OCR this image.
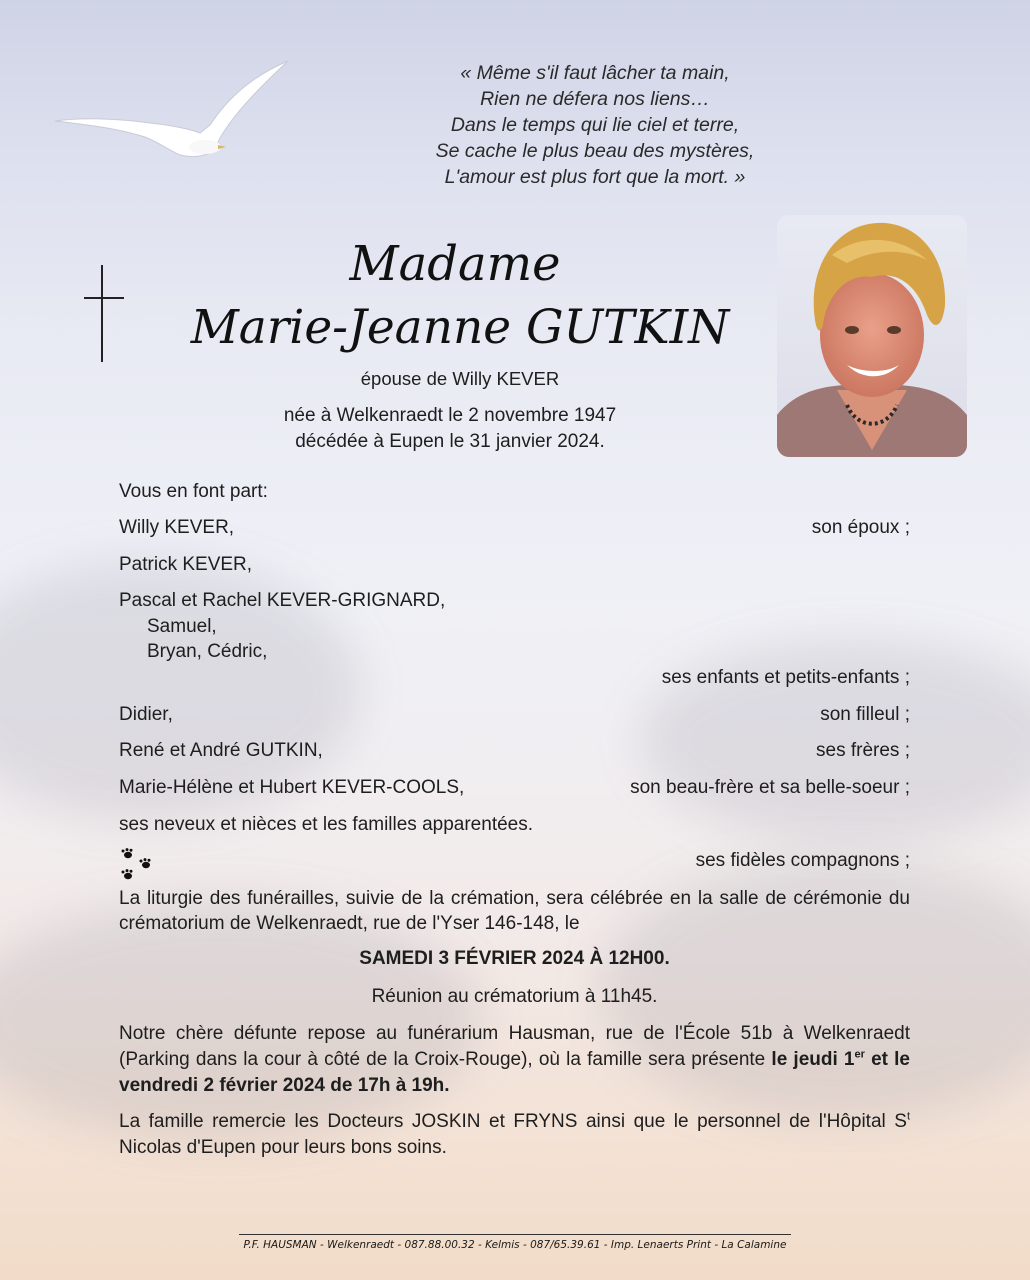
« Même s'il faut lâcher ta main,
Rien ne défera nos liens…
Dans le temps qui lie ciel et terre,
Se cache le plus beau des mystères,
L'amour est plus fort que la mort. »
Madame
Marie-Jeanne GUTKIN
épouse de Willy KEVER
née à Welkenraedt le 2 novembre 1947
décédée à Eupen le 31 janvier 2024.
Vous en font part:
Willy KEVER,	son époux ;
Patrick KEVER,
Pascal et Rachel KEVER-GRIGNARD,
Samuel,
Bryan, Cédric,
ses enfants et petits-enfants ;
Didier,	son filleul ;
René et André GUTKIN,	ses frères ;
Marie-Hélène et Hubert KEVER-COOLS,	son beau-frère et sa belle-soeur ;
ses neveux et nièces et les familles apparentées.
ses fidèles compagnons ;
La liturgie des funérailles, suivie de la crémation, sera célébrée en la salle de cérémonie du crématorium de Welkenraedt, rue de l'Yser 146-148, le
SAMEDI 3 FÉVRIER 2024 À 12H00.
Réunion au crématorium à 11h45.
Notre chère défunte repose au funérarium Hausman, rue de l'École 51b à Welkenraedt (Parking dans la cour à côté de la Croix-Rouge), où la famille sera présente le jeudi 1er et le vendredi 2 février 2024 de 17h à 19h.
La famille remercie les Docteurs JOSKIN et FRYNS ainsi que le personnel de l'Hôpital $S^t$ Nicolas d'Eupen pour leurs bons soins.
P.F. HAUSMAN - Welkenraedt - 087.88.00.32 - Kelmis - 087/65.39.61 - Imp. Lenaerts Print - La Calamine
